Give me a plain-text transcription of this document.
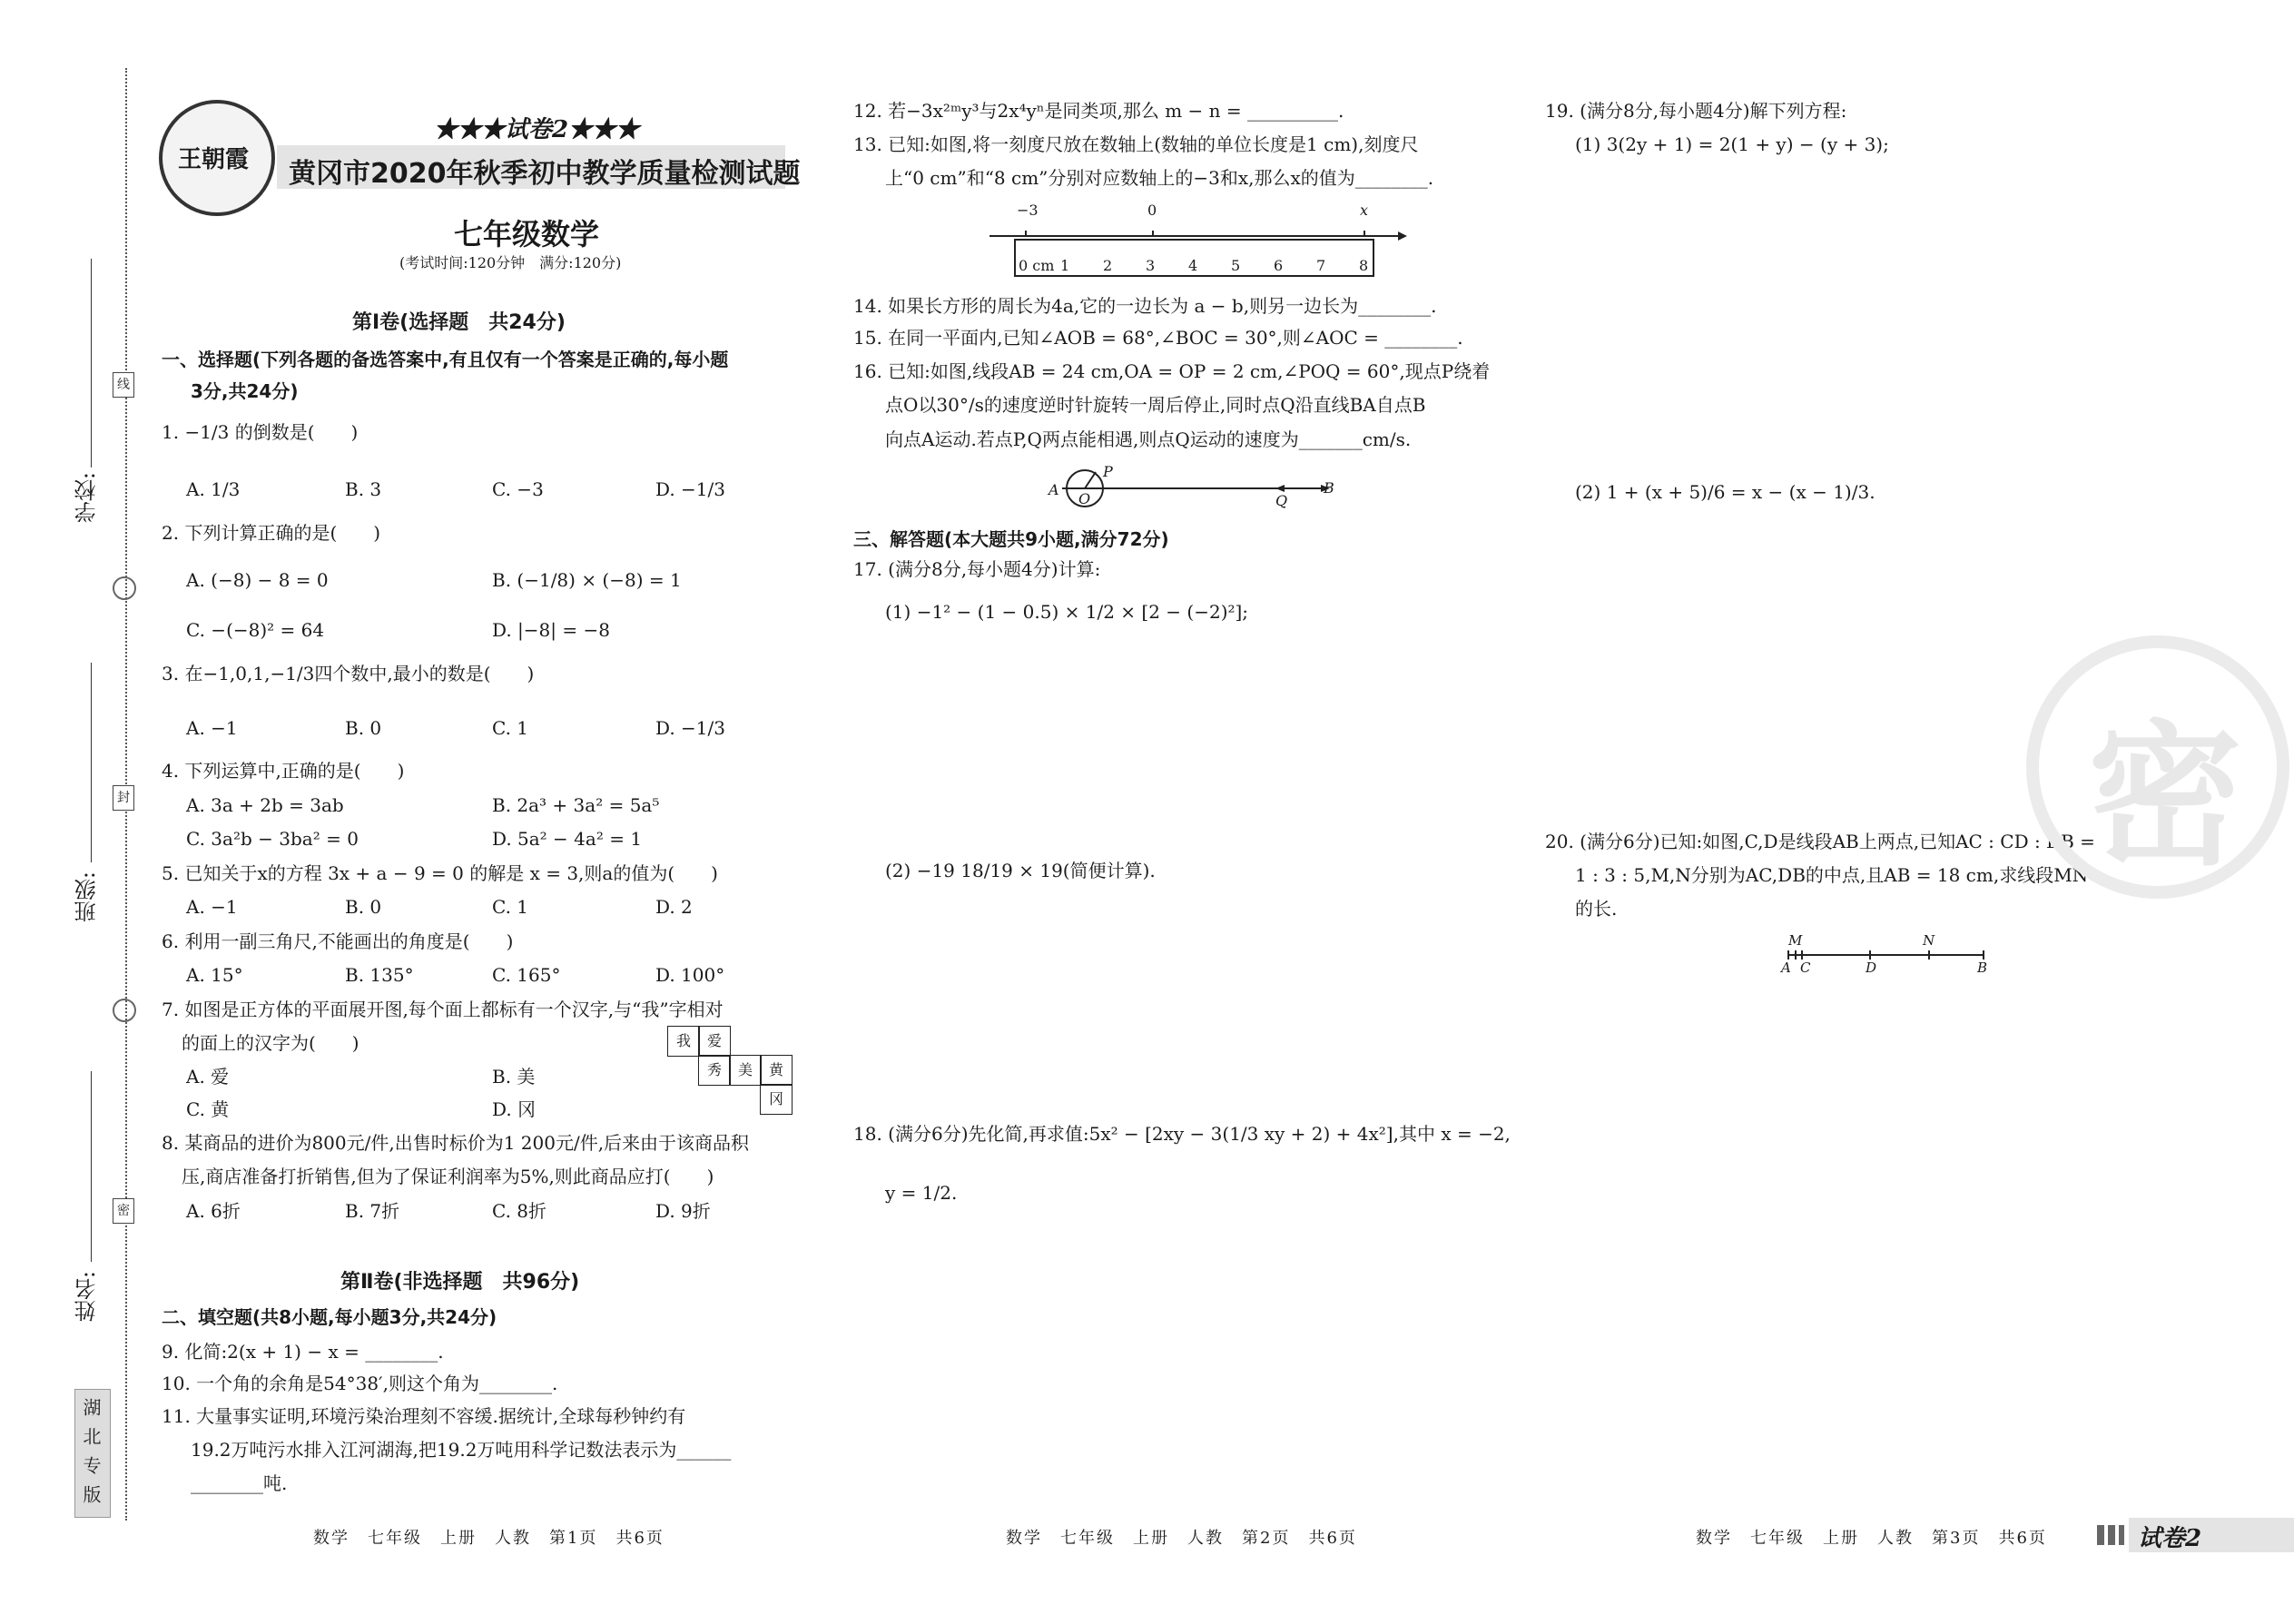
学校:
班级:
姓名:
线
封
密
湖北专版
王朝霞
★★★试卷2★★★
黄冈市2020年秋季初中教学质量检测试题
七年级数学
(考试时间:120分钟　满分:120分)
第Ⅰ卷(选择题　共24分)
一、选择题(下列各题的备选答案中,有且仅有一个答案是正确的,每小题
3分,共24分)
1. −1/3 的倒数是(　　)
A. 1/3	B. 3	C. −3	D. −1/3
2. 下列计算正确的是(　　)
A. (−8) − 8 = 0	B. (−1/8) × (−8) = 1
C. −(−8)² = 64	D. |−8| = −8
3. 在−1,0,1,−1/3四个数中,最小的数是(　　)
A. −1	B. 0	C. 1	D. −1/3
4. 下列运算中,正确的是(　　)
A. 3a + 2b = 3ab	B. 2a³ + 3a² = 5a⁵
C. 3a²b − 3ba² = 0	D. 5a² − 4a² = 1
5. 已知关于x的方程 3x + a − 9 = 0 的解是 x = 3,则a的值为(　　)
A. −1	B. 0	C. 1	D. 2
6. 利用一副三角尺,不能画出的角度是(　　)
A. 15°	B. 135°	C. 165°	D. 100°
7. 如图是正方体的平面展开图,每个面上都标有一个汉字,与“我”字相对
的面上的汉字为(　　)
A. 爱	B. 美
C. 黄	D. 冈
我	爱
秀	美	黄
冈
8. 某商品的进价为800元/件,出售时标价为1 200元/件,后来由于该商品积
压,商店准备打折销售,但为了保证利润率为5%,则此商品应打(　　)
A. 6折	B. 7折	C. 8折	D. 9折
第Ⅱ卷(非选择题　共96分)
二、填空题(共8小题,每小题3分,共24分)
9. 化简:2(x + 1) − x = ________.
10. 一个角的余角是54°38′,则这个角为________.
11. 大量事实证明,环境污染治理刻不容缓.据统计,全球每秒钟约有
19.2万吨污水排入江河湖海,把19.2万吨用科学记数法表示为______
________吨.
12. 若−3x²ᵐy³与2x⁴yⁿ是同类项,那么 m − n = __________.
13. 已知:如图,将一刻度尺放在数轴上(数轴的单位长度是1 cm),刻度尺
上“0 cm”和“8 cm”分别对应数轴上的−3和x,那么x的值为________.
−3	0	x
0 cm 1 2 3 4 5 6 7 8
14. 如果长方形的周长为4a,它的一边长为 a − b,则另一边长为________.
15. 在同一平面内,已知∠AOB = 68°,∠BOC = 30°,则∠AOC = ________.
16. 已知:如图,线段AB = 24 cm,OA = OP = 2 cm,∠POQ = 60°,现点P绕着
点O以30°/s的速度逆时针旋转一周后停止,同时点Q沿直线BA自点B
向点A运动.若点P,Q两点能相遇,则点Q运动的速度为_______cm/s.
A
P
O	Q
B
三、解答题(本大题共9小题,满分72分)
17. (满分8分,每小题4分)计算:
(1) −1² − (1 − 0.5) × 1/2 × [2 − (−2)²];
(2) −19 18/19 × 19(简便计算).
18. (满分6分)先化简,再求值:5x² − [2xy − 3(1/3 xy + 2) + 4x²],其中 x = −2,
y = 1/2.
19. (满分8分,每小题4分)解下列方程:
(1) 3(2y + 1) = 2(1 + y) − (y + 3);
(2) 1 + (x + 5)/6 = x − (x − 1)/3.
20. (满分6分)已知:如图,C,D是线段AB上两点,已知AC : CD : DB =
1 : 3 : 5,M,N分别为AC,DB的中点,且AB = 18 cm,求线段MN
的长.
M	N
A C	D	B
密
数学　七年级　上册　人教　第1页　共6页	数学　七年级　上册　人教　第2页　共6页	数学　七年级　上册　人教　第3页　共6页	试卷2
